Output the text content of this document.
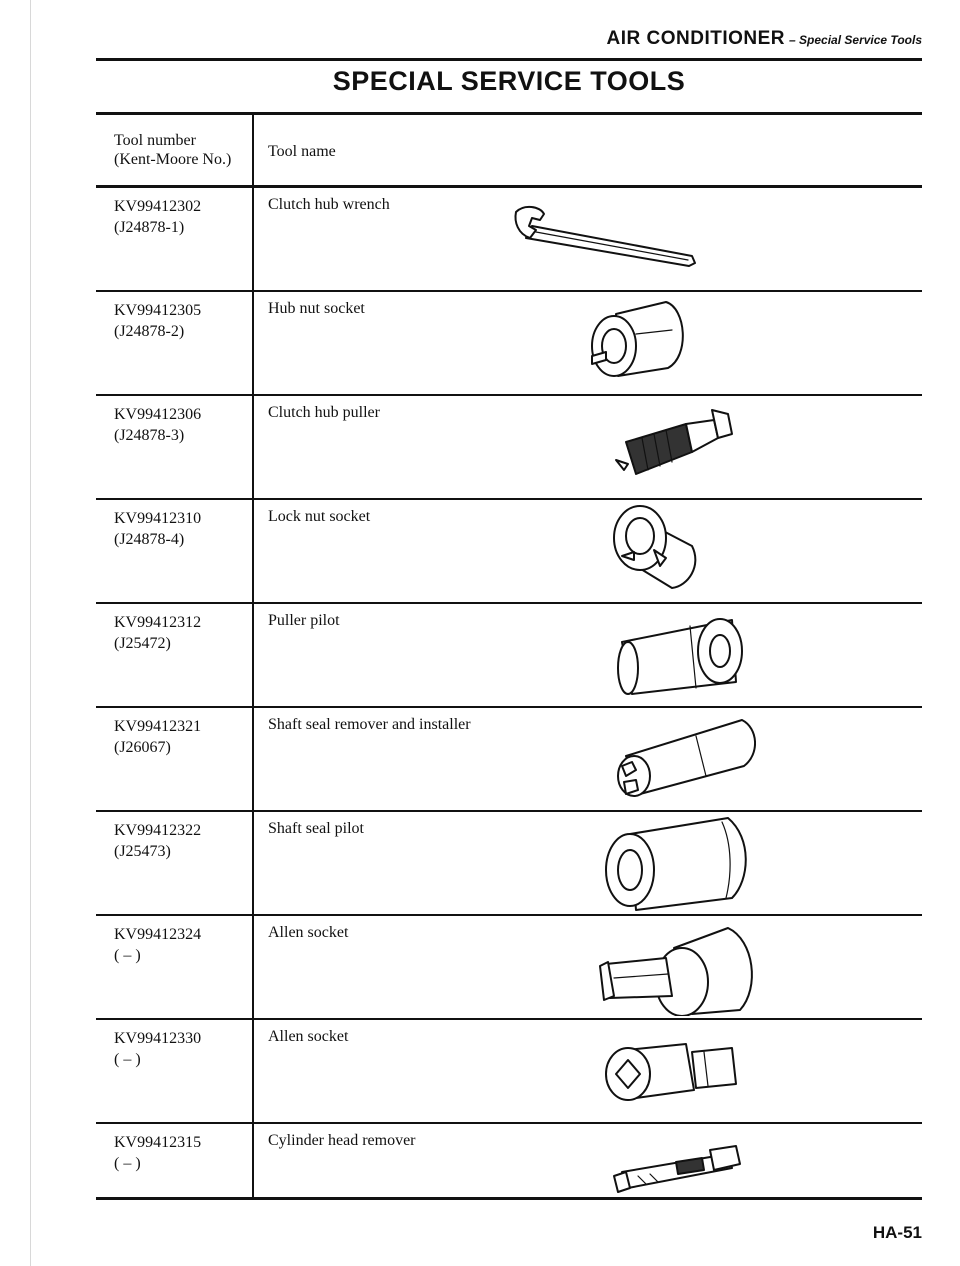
AIR CONDITIONER – Special Service Tools
SPECIAL SERVICE TOOLS
Tool number
(Kent-Moore No.) Tool name
KV99412302
(J24878-1)
Clutch hub wrench
KV99412305
(J24878-2)
Hub nut socket
KV99412306
(J24878-3)
Clutch hub puller
KV99412310
(J24878-4)
Lock nut socket
KV99412312
(J25472)
Puller pilot
KV99412321
(J26067)
Shaft seal remover and installer
KV99412322
(J25473)
Shaft seal pilot
KV99412324
( – )
Allen socket
KV99412330
( – )
Allen socket
KV99412315
( – )
Cylinder head remover
HA-51
